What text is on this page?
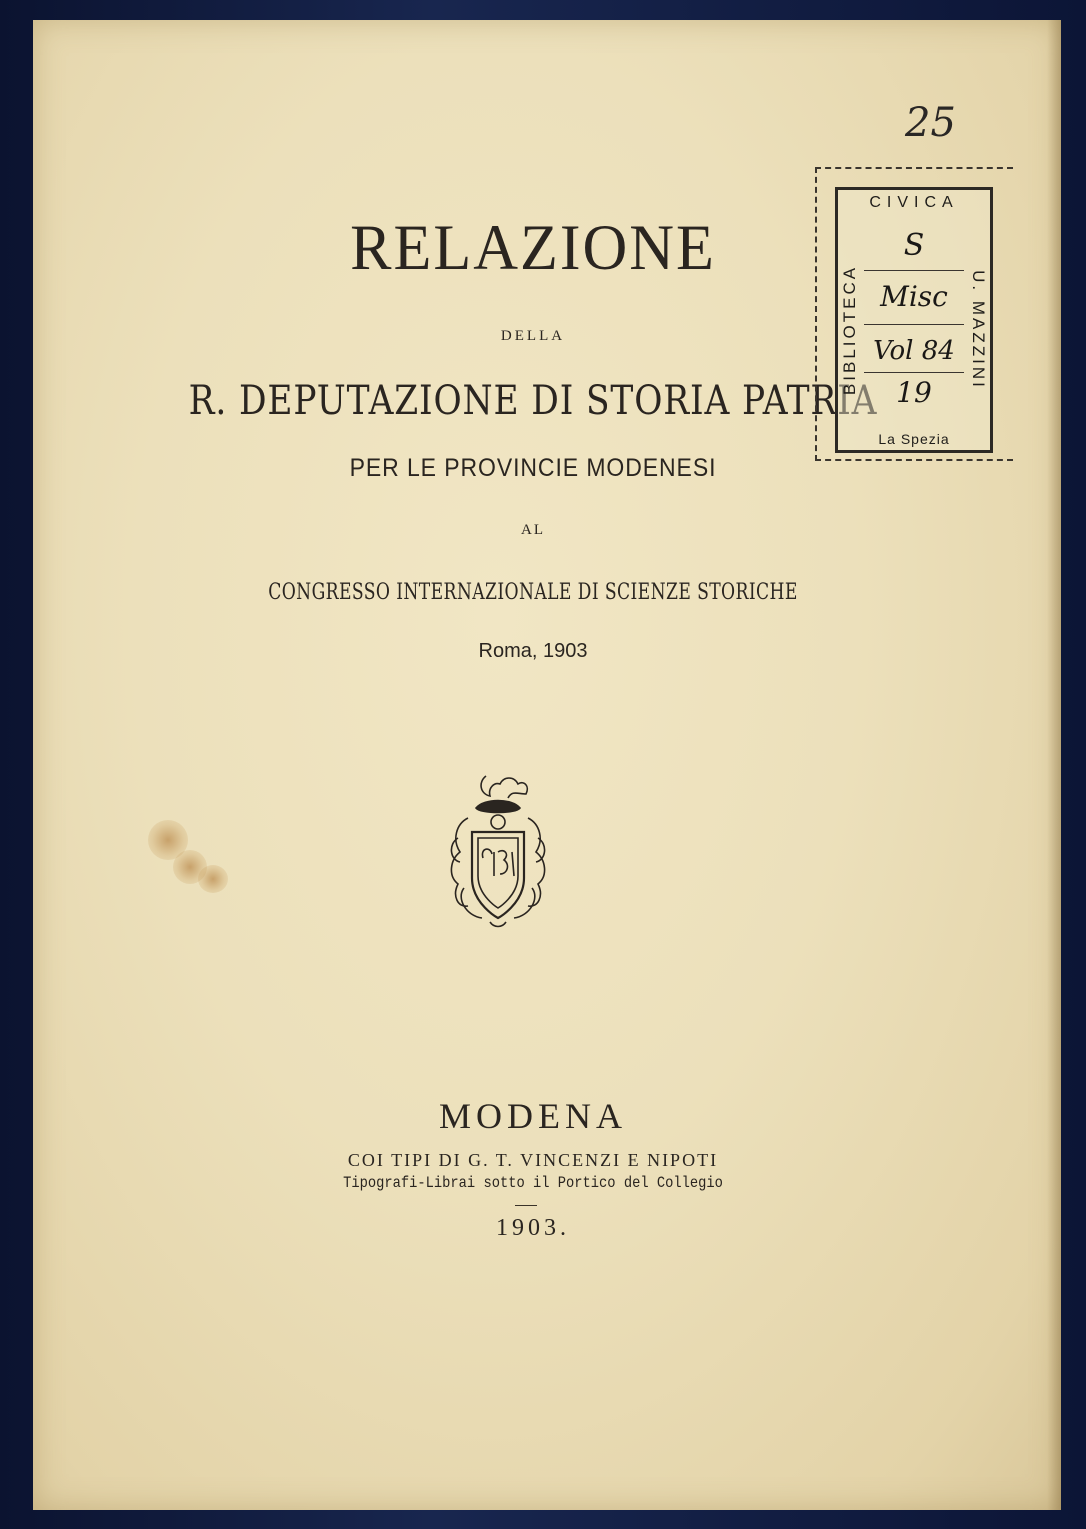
RELAZIONE
DELLA
R. DEPUTAZIONE DI STORIA PATRIA
PER LE PROVINCIE MODENESI
AL
CONGRESSO INTERNAZIONALE DI SCIENZE STORICHE
Roma, 1903
MODENA
COI TIPI DI G. T. VINCENZI E NIPOTI
Tipografi-Librai sotto il Portico del Collegio
1903.
25
CIVICA
BIBLIOTECA	U. MAZZINI
S
Misc
Vol 84
19
La Spezia
